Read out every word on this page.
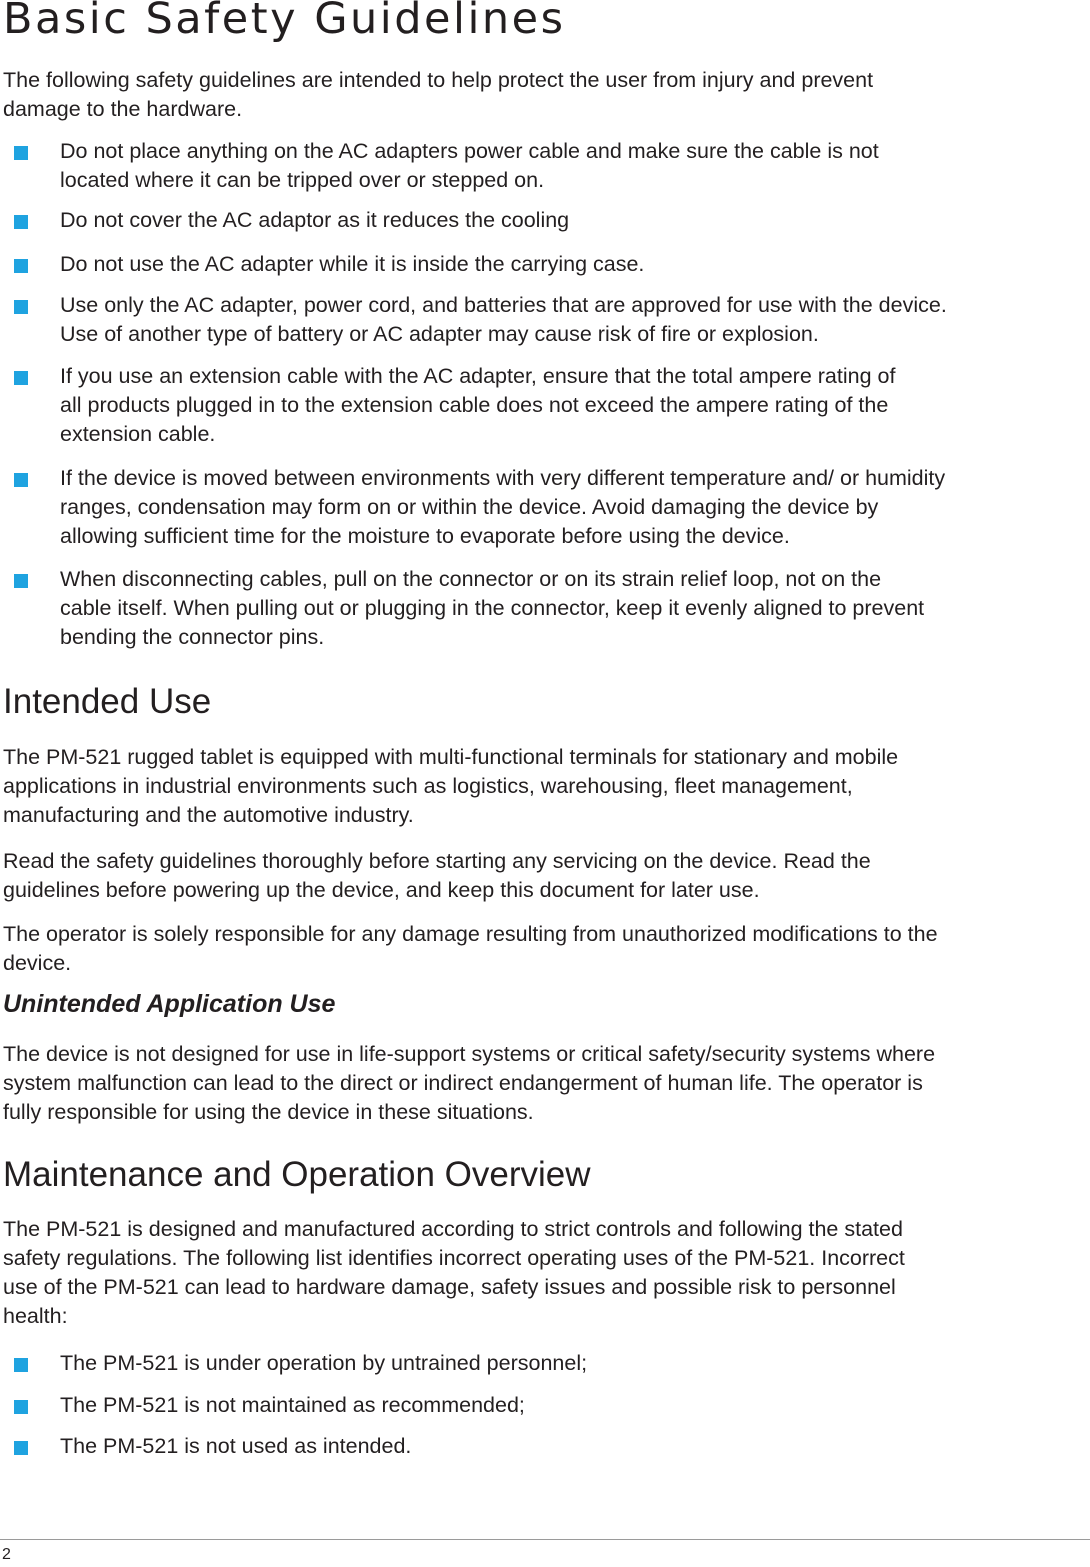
Basic Safety Guidelines

The following safety guidelines are intended to help protect the user from injury and prevent
damage to the hardware.

Do not place anything on the AC adapters power cable and make sure the cable is not
located where it can be tripped over or stepped on.
Do not cover the AC adaptor as it reduces the cooling
Do not use the AC adapter while it is inside the carrying case.
Use only the AC adapter, power cord, and batteries that are approved for use with the device.
Use of another type of battery or AC adapter may cause risk of fire or explosion.
If you use an extension cable with the AC adapter, ensure that the total ampere rating of
all products plugged in to the extension cable does not exceed the ampere rating of the
extension cable.
If the device is moved between environments with very different temperature and/ or humidity
ranges, condensation may form on or within the device. Avoid damaging the device by
allowing sufficient time for the moisture to evaporate before using the device.
When disconnecting cables, pull on the connector or on its strain relief loop, not on the
cable itself. When pulling out or plugging in the connector, keep it evenly aligned to prevent
bending the connector pins.
Intended Use

The PM-521 rugged tablet is equipped with multi-functional terminals for stationary and mobile
applications in industrial environments such as logistics, warehousing, fleet management,
manufacturing and the automotive industry.

Read the safety guidelines thoroughly before starting any servicing on the device. Read the
guidelines before powering up the device, and keep this document for later use.

The operator is solely responsible for any damage resulting from unauthorized modifications to the
device.

Unintended Application Use

The device is not designed for use in life-support systems or critical safety/security systems where
system malfunction can lead to the direct or indirect endangerment of human life. The operator is
fully responsible for using the device in these situations.

Maintenance and Operation Overview

The PM-521 is designed and manufactured according to strict controls and following the stated
safety regulations. The following list identifies incorrect operating uses of the PM-521. Incorrect
use of the PM-521 can lead to hardware damage, safety issues and possible risk to personnel
health:

The PM-521 is under operation by untrained personnel;
The PM-521 is not maintained as recommended;
The PM-521 is not used as intended.
2
